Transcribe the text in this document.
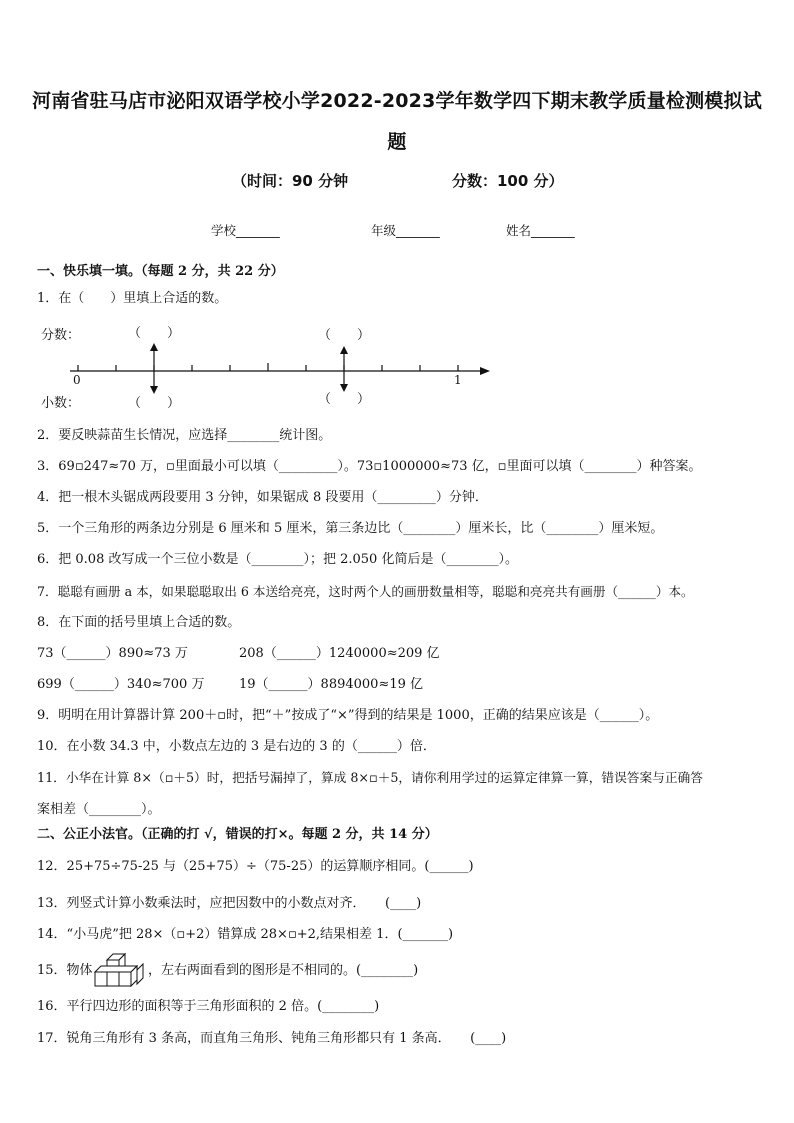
河南省驻马店市泌阳双语学校小学2022-2023学年数学四下期末教学质量检测模拟试
题
（时间：90 分钟	分数：100 分）
学校_______	年级_______	姓名_______
一、快乐填一填。（每题 2 分，共 22 分）
1．在（　　）里填上合适的数。
分数：
小数：
（　　）	（　　）
（　　）	（　　）
0	1
2．要反映蒜苗生长情况，应选择________统计图。
3．69▫247≈70 万，▫里面最小可以填（_________）。73▫1000000≈73 亿，▫里面可以填（________）种答案。
4．把一根木头锯成两段要用 3 分钟，如果锯成 8 段要用（_________）分钟．
5．一个三角形的两条边分别是 6 厘米和 5 厘米，第三条边比（________）厘米长，比（________）厘米短。
6．把 0.08 改写成一个三位小数是（________）；把 2.050 化简后是（________）。
7．聪聪有画册 a 本，如果聪聪取出 6 本送给亮亮，这时两个人的画册数量相等，聪聪和亮亮共有画册（______）本。
8．在下面的括号里填上合适的数。
73（______）890≈73 万	208（______）1240000≈209 亿
699（______）340≈700 万	19（______）8894000≈19 亿
9．明明在用计算器计算 200＋▫时，把“＋”按成了“×”得到的结果是 1000，正确的结果应该是（______）。
10．在小数 34.3 中，小数点左边的 3 是右边的 3 的（______）倍．
11．小华在计算 8×（▫＋5）时，把括号漏掉了，算成 8×▫＋5，请你利用学过的运算定律算一算，错误答案与正确答
案相差（________）。
二、公正小法官。（正确的打 √，错误的打×。每题 2 分，共 14 分）
12．25+75÷75-25 与（25+75）÷（75-25）的运算顺序相同。(______)
13．列竖式计算小数乘法时，应把因数中的小数点对齐．　　(____)
14．“小马虎”把 28×（▫+2）错算成 28×▫+2,结果相差 1．(_______)
15．物体	，左右两面看到的图形是不相同的。(________)
16．平行四边形的面积等于三角形面积的 2 倍。(________)
17．锐角三角形有 3 条高，而直角三角形、钝角三角形都只有 1 条高．　　(____)
